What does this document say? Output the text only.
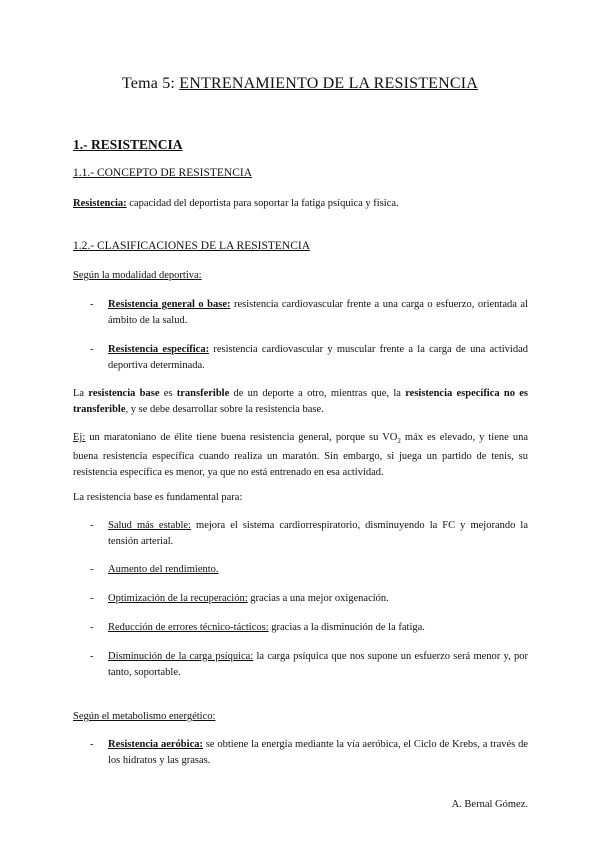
Tema 5: ENTRENAMIENTO DE LA RESISTENCIA
1.- RESISTENCIA
1.1.- CONCEPTO DE RESISTENCIA

Resistencia: capacidad del deportista para soportar la fatiga psíquica y física.

1.2.- CLASIFICACIONES DE LA RESISTENCIA

Según la modalidad deportiva:

-	Resistencia general o base: resistencia cardiovascular frente a una carga o esfuerzo, orientada al ámbito de la salud.
-	Resistencia específica: resistencia cardiovascular y muscular frente a la carga de una actividad deportiva determinada.

La resistencia base es transferible de un deporte a otro, mientras que, la resistencia específica no es transferible, y se debe desarrollar sobre la resistencia base.

Ej: un maratoniano de élite tiene buena resistencia general, porque su $VO_2$ máx es elevado, y tiene una buena resistencia específica cuando realiza un maratón. Sin embargo, si juega un partido de tenis, su resistencia específica es menor, ya que no está entrenado en esa actividad.

La resistencia base es fundamental para:

-	Salud más estable: mejora el sistema cardiorrespiratorio, disminuyendo la FC y mejorando la tensión arterial.
-	Aumento del rendimiento.
-	Optimización de la recuperación: gracias a una mejor oxigenación.
-	Reducción de errores técnico-tácticos: gracias a la disminución de la fatiga.
-	Disminución de la carga psíquica: la carga psíquica que nos supone un esfuerzo será menor y, por tanto, soportable.

Según el metabolismo energético:

-	Resistencia aeróbica: se obtiene la energía mediante la vía aeróbica, el Ciclo de Krebs, a través de los hidratos y las grasas.

A. Bernal Gómez.
